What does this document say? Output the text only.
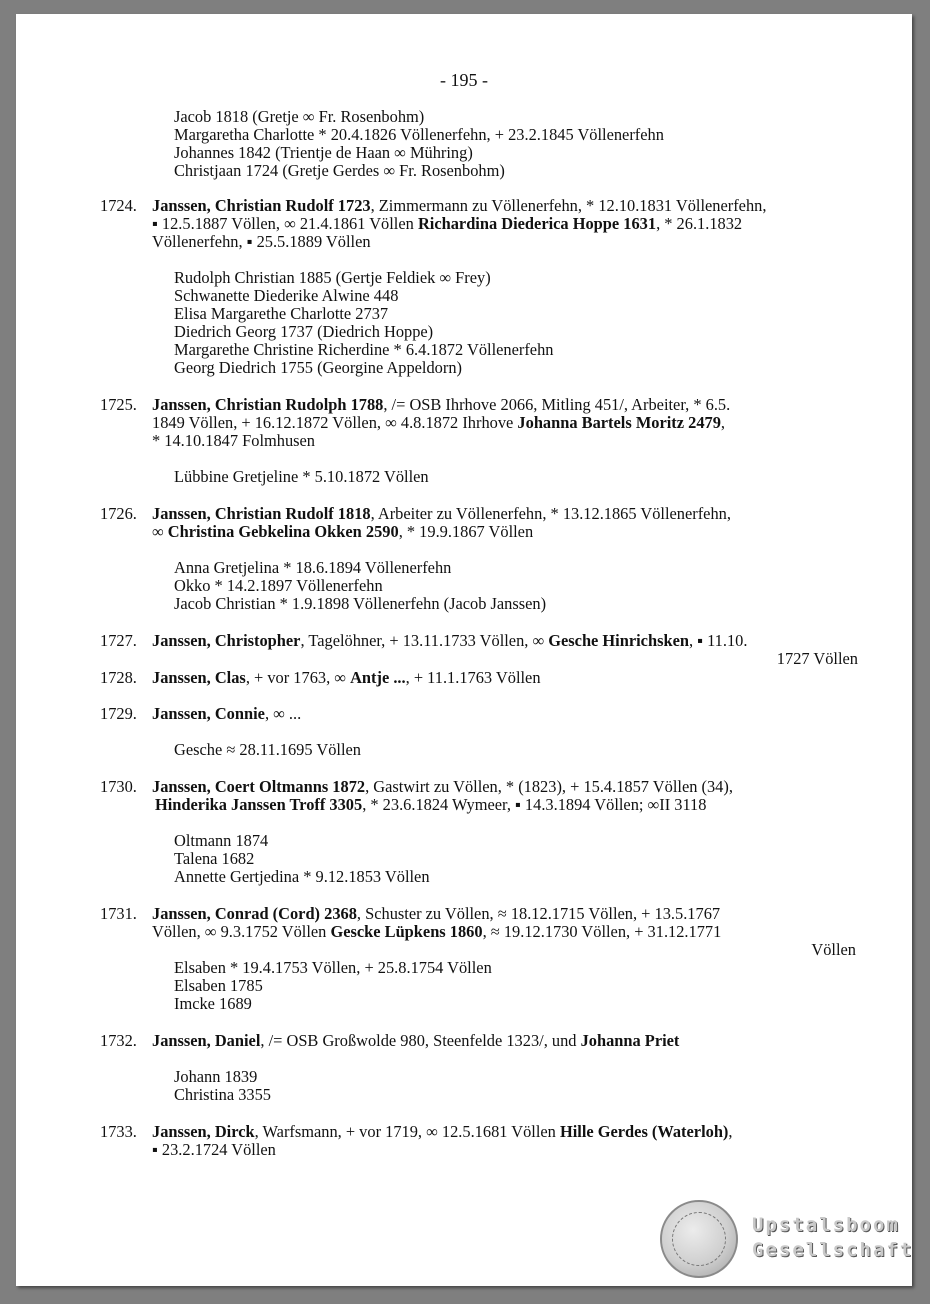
- 195 -
Jacob 1818 (Gretje ∞ Fr. Rosenbohm)
Margaretha Charlotte * 20.4.1826 Völlenerfehn, + 23.2.1845 Völlenerfehn
Johannes 1842 (Trientje de Haan ∞ Mühring)
Christjaan 1724 (Gretje Gerdes ∞ Fr. Rosenbohm)
1724. Janssen, Christian Rudolf 1723, Zimmermann zu Völlenerfehn, * 12.10.1831 Völlenerfehn,
▪ 12.5.1887 Völlen, ∞ 21.4.1861 Völlen Richardina Diederica Hoppe 1631, * 26.1.1832
Völlenerfehn, ▪ 25.5.1889 Völlen
Rudolph Christian 1885 (Gertje Feldiek ∞ Frey)
Schwanette Diederike Alwine 448
Elisa Margarethe Charlotte 2737
Diedrich Georg 1737 (Diedrich Hoppe)
Margarethe Christine Richerdine * 6.4.1872 Völlenerfehn
Georg Diedrich 1755 (Georgine Appeldorn)
1725. Janssen, Christian Rudolph 1788, /= OSB Ihrhove 2066, Mitling 451/, Arbeiter, * 6.5.
1849 Völlen, + 16.12.1872 Völlen, ∞ 4.8.1872 Ihrhove Johanna Bartels Moritz 2479,
* 14.10.1847 Folmhusen
Lübbine Gretjeline * 5.10.1872 Völlen
1726. Janssen, Christian Rudolf 1818, Arbeiter zu Völlenerfehn, * 13.12.1865 Völlenerfehn,
∞ Christina Gebkelina Okken 2590, * 19.9.1867 Völlen
Anna Gretjelina * 18.6.1894 Völlenerfehn
Okko * 14.2.1897 Völlenerfehn
Jacob Christian * 1.9.1898 Völlenerfehn (Jacob Janssen)
1727. Janssen, Christopher, Tagelöhner, + 13.11.1733 Völlen, ∞ Gesche Hinrichsken, ▪ 11.10.
1727 Völlen
1728. Janssen, Clas, + vor 1763, ∞ Antje ..., + 11.1.1763 Völlen
1729. Janssen, Connie, ∞ ...
Gesche ≈ 28.11.1695 Völlen
1730. Janssen, Coert Oltmanns 1872, Gastwirt zu Völlen, * (1823), + 15.4.1857 Völlen (34),
Hinderika Janssen Troff 3305, * 23.6.1824 Wymeer, ▪ 14.3.1894 Völlen; ∞II 3118
Oltmann 1874
Talena 1682
Annette Gertjedina * 9.12.1853 Völlen
1731. Janssen, Conrad (Cord) 2368, Schuster zu Völlen, ≈ 18.12.1715 Völlen, + 13.5.1767
Völlen, ∞ 9.3.1752 Völlen Gescke Lüpkens 1860, ≈ 19.12.1730 Völlen, + 31.12.1771
Völlen
Elsaben * 19.4.1753 Völlen, + 25.8.1754 Völlen
Elsaben 1785
Imcke 1689
1732. Janssen, Daniel, /= OSB Großwolde 980, Steenfelde 1323/, und Johanna Priet
Johann 1839
Christina 3355
1733. Janssen, Dirck, Warfsmann, + vor 1719, ∞ 12.5.1681 Völlen Hille Gerdes (Waterloh),
▪ 23.2.1724 Völlen
Upstalsboom
Gesellschaft
